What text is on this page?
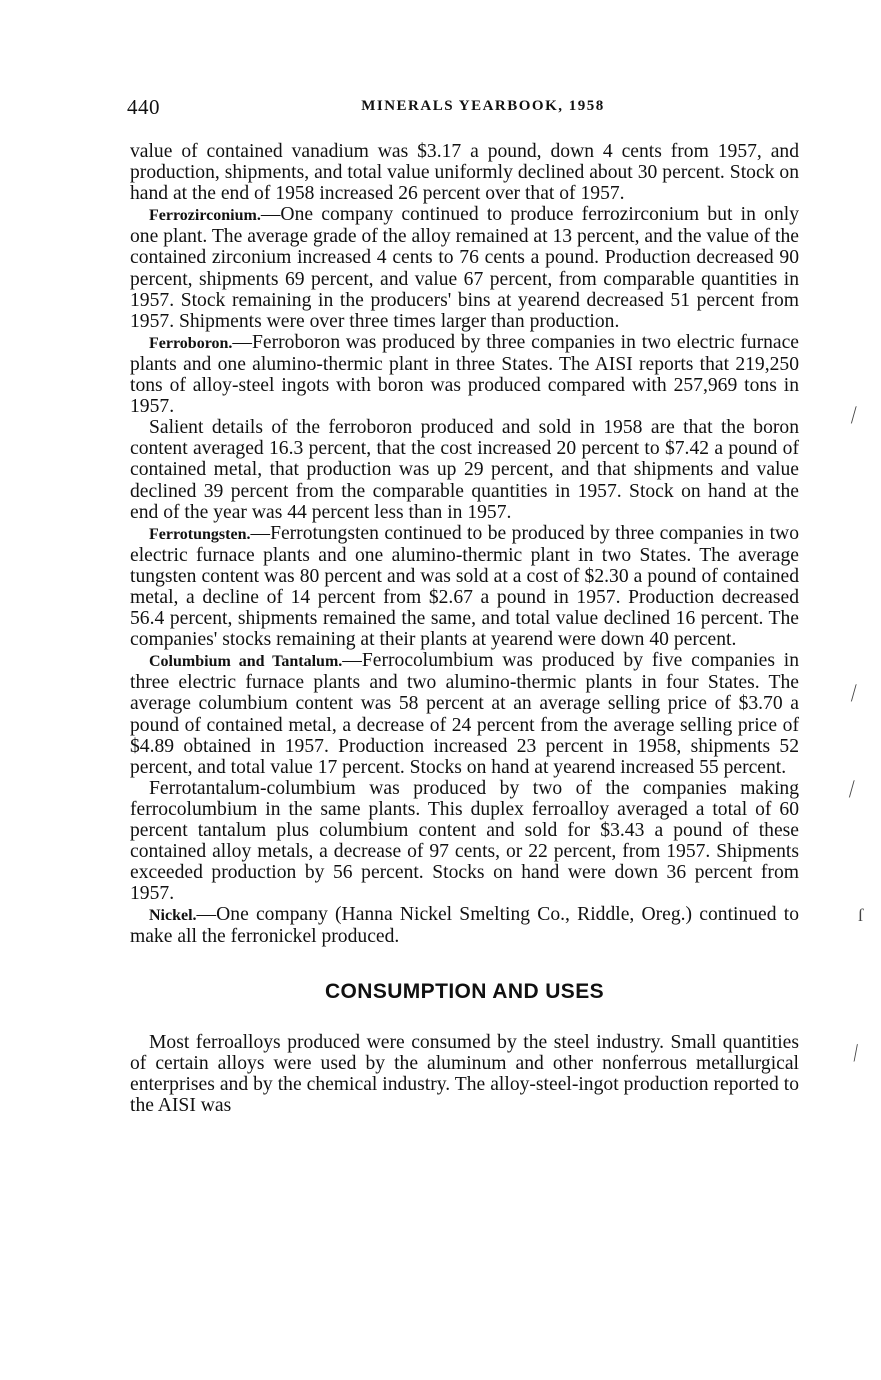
440	MINERALS YEARBOOK, 1958

value of contained vanadium was $3.17 a pound, down 4 cents from 1957, and production, shipments, and total value uniformly declined about 30 percent. Stock on hand at the end of 1958 increased 26 percent over that of 1957.

Ferrozirconium.—One company continued to produce ferrozirconium but in only one plant. The average grade of the alloy remained at 13 percent, and the value of the contained zirconium increased 4 cents to 76 cents a pound. Production decreased 90 percent, shipments 69 percent, and value 67 percent, from comparable quantities in 1957. Stock remaining in the producers' bins at yearend decreased 51 percent from 1957. Shipments were over three times larger than production.

Ferroboron.—Ferroboron was produced by three companies in two electric furnace plants and one alumino-thermic plant in three States. The AISI reports that 219,250 tons of alloy-steel ingots with boron was produced compared with 257,969 tons in 1957.

Salient details of the ferroboron produced and sold in 1958 are that the boron content averaged 16.3 percent, that the cost increased 20 percent to $7.42 a pound of contained metal, that production was up 29 percent, and that shipments and value declined 39 percent from the comparable quantities in 1957. Stock on hand at the end of the year was 44 percent less than in 1957.

Ferrotungsten.—Ferrotungsten continued to be produced by three companies in two electric furnace plants and one alumino-thermic plant in two States. The average tungsten content was 80 percent and was sold at a cost of $2.30 a pound of contained metal, a decline of 14 percent from $2.67 a pound in 1957. Production decreased 56.4 percent, shipments remained the same, and total value declined 16 percent. The companies' stocks remaining at their plants at yearend were down 40 percent.

Columbium and Tantalum.—Ferrocolumbium was produced by five companies in three electric furnace plants and two alumino-thermic plants in four States. The average columbium content was 58 percent at an average selling price of $3.70 a pound of contained metal, a decrease of 24 percent from the average selling price of $4.89 obtained in 1957. Production increased 23 percent in 1958, shipments 52 percent, and total value 17 percent. Stocks on hand at yearend increased 55 percent.

Ferrotantalum-columbium was produced by two of the companies making ferrocolumbium in the same plants. This duplex ferroalloy averaged a total of 60 percent tantalum plus columbium content and sold for $3.43 a pound of these contained alloy metals, a decrease of 97 cents, or 22 percent, from 1957. Shipments exceeded production by 56 percent. Stocks on hand were down 36 percent from 1957.

Nickel.—One company (Hanna Nickel Smelting Co., Riddle, Oreg.) continued to make all the ferronickel produced.

CONSUMPTION AND USES

Most ferroalloys produced were consumed by the steel industry. Small quantities of certain alloys were used by the aluminum and other nonferrous metallurgical enterprises and by the chemical industry. The alloy-steel-ingot production reported to the AISI was

⁄
⁄
⁄
ſ
⁄
